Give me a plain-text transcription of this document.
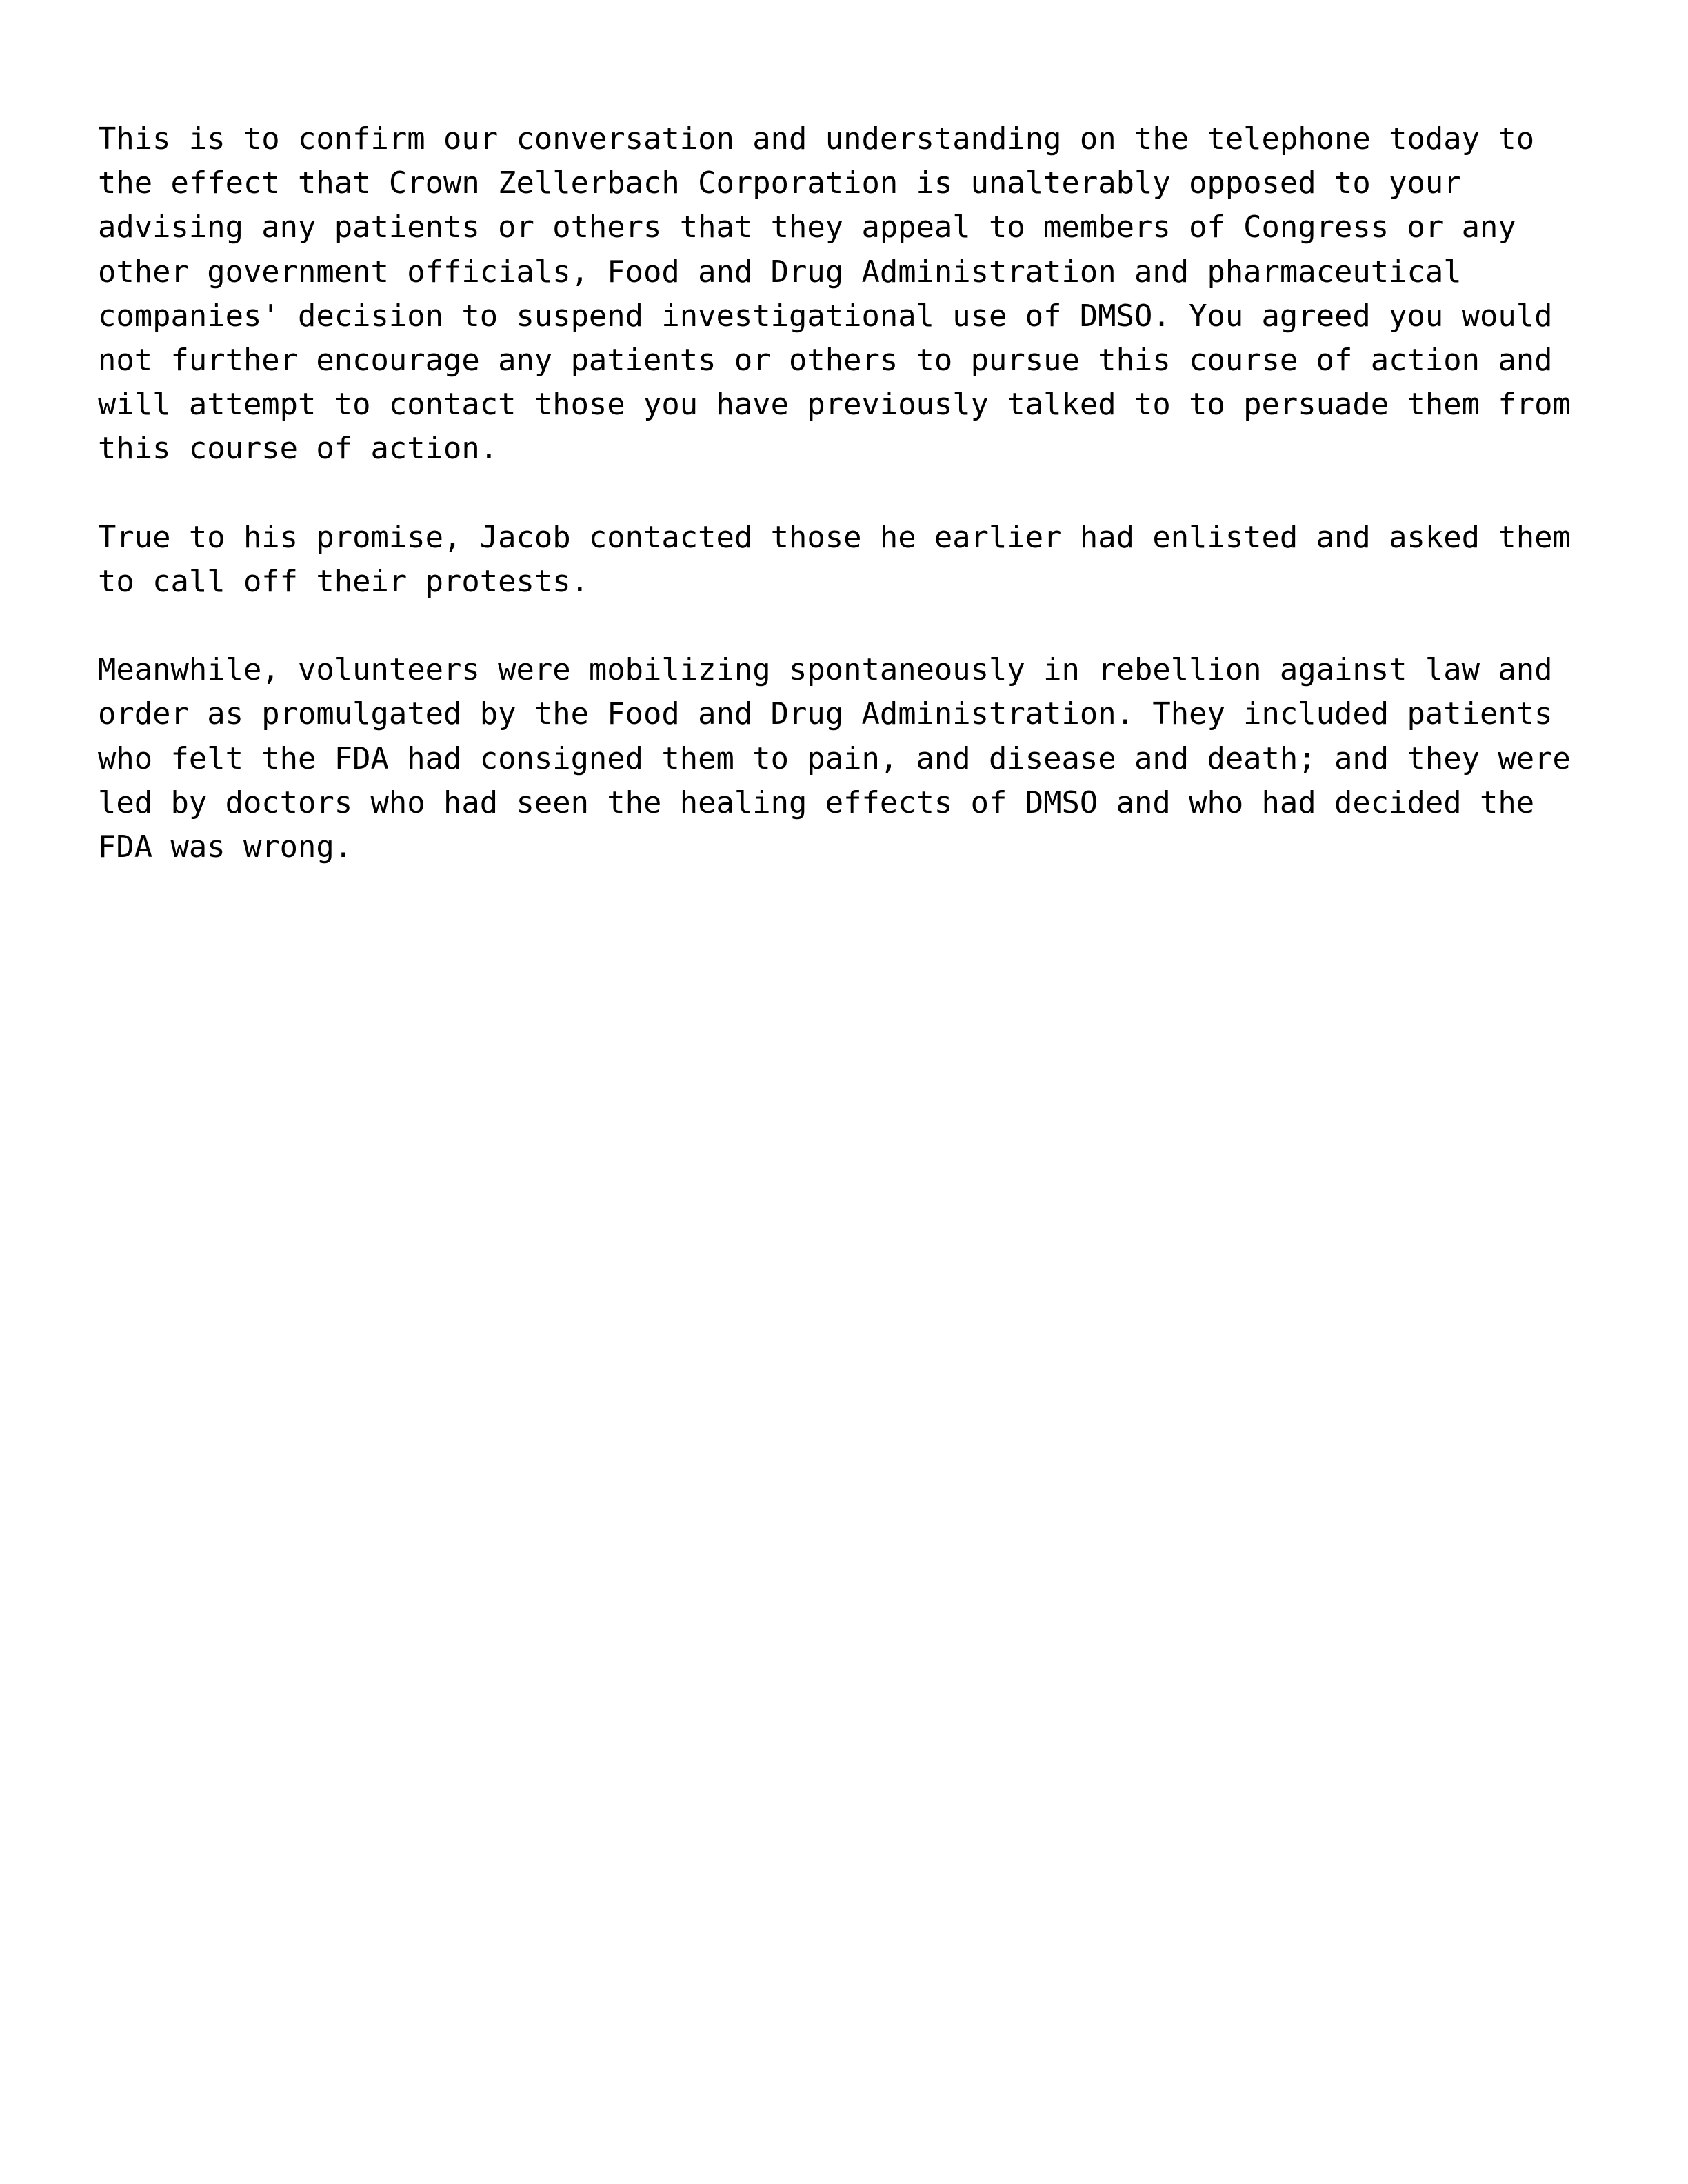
This is to confirm our conversation and understanding on the telephone today to
the effect that Crown Zellerbach Corporation is unalterably opposed to your
advising any patients or others that they appeal to members of Congress or any
other government officials, Food and Drug Administration and pharmaceutical
companies' decision to suspend investigational use of DMSO. You agreed you would
not further encourage any patients or others to pursue this course of action and
will attempt to contact those you have previously talked to to persuade them from
this course of action.
True to his promise, Jacob contacted those he earlier had enlisted and asked them
to call off their protests.
Meanwhile, volunteers were mobilizing spontaneously in rebellion against law and
order as promulgated by the Food and Drug Administration. They included patients
who felt the FDA had consigned them to pain, and disease and death; and they were
led by doctors who had seen the healing effects of DMSO and who had decided the
FDA was wrong.
